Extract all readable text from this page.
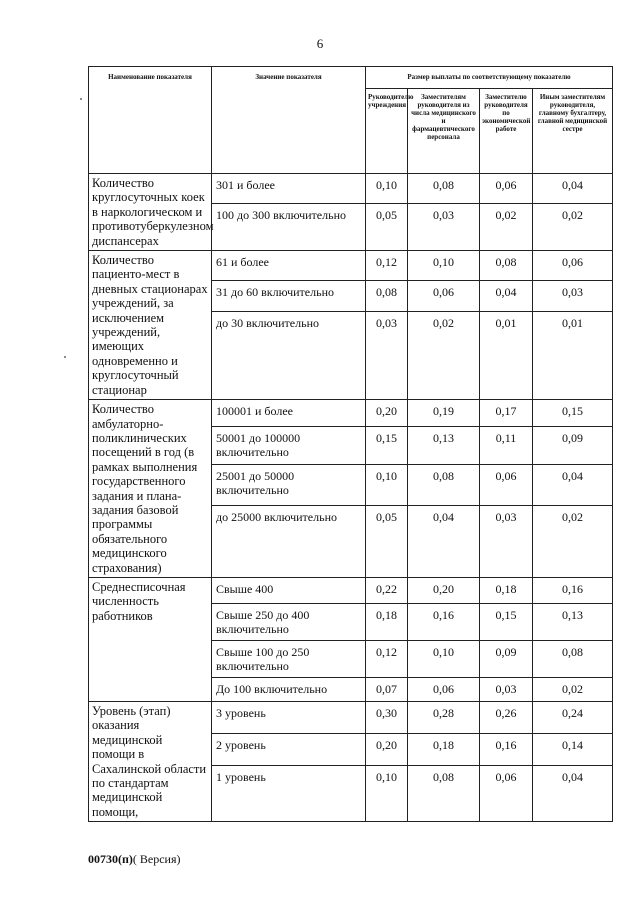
6
Наименование показателя	Значение показателя	Размер выплаты по соответствующему показателю			
		Руководителю учреждения	Заместителям руководителя из числа медицинского и фармацевтического персонала	Заместителю руководителя по экономической работе	Иным заместителям руководителя, главному бухгалтеру, главной медицинской сестре
Количество круглосуточных коек в наркологическом и противотуберкулезном диспансерах	301 и более	0,10	0,08	0,06	0,04
	100 до 300 включительно	0,05	0,03	0,02	0,02
Количество пациенто-мест в дневных стационарах учреждений, за исключением учреждений, имеющих одновременно и круглосуточный стационар	61 и более	0,12	0,10	0,08	0,06
	31 до 60 включительно	0,08	0,06	0,04	0,03
	до 30 включительно	0,03	0,02	0,01	0,01
Количество амбулаторно-поликлинических посещений в год (в рамках выполнения государственного задания и плана-задания базовой программы обязательного медицинского страхования)	100001 и более	0,20	0,19	0,17	0,15
	50001 до 100000 включительно	0,15	0,13	0,11	0,09
	25001 до 50000 включительно	0,10	0,08	0,06	0,04
	до 25000 включительно	0,05	0,04	0,03	0,02
Среднесписочная численность работников	Свыше 400	0,22	0,20	0,18	0,16
	Свыше 250 до 400 включительно	0,18	0,16	0,15	0,13
	Свыше 100 до 250 включительно	0,12	0,10	0,09	0,08
	До 100 включительно	0,07	0,06	0,03	0,02
Уровень (этап) оказания медицинской помощи в Сахалинской области по стандартам медицинской помощи,	3 уровень	0,30	0,28	0,26	0,24
	2 уровень	0,20	0,18	0,16	0,14
	1 уровень	0,10	0,08	0,06	0,04
00730(п)( Версия)
